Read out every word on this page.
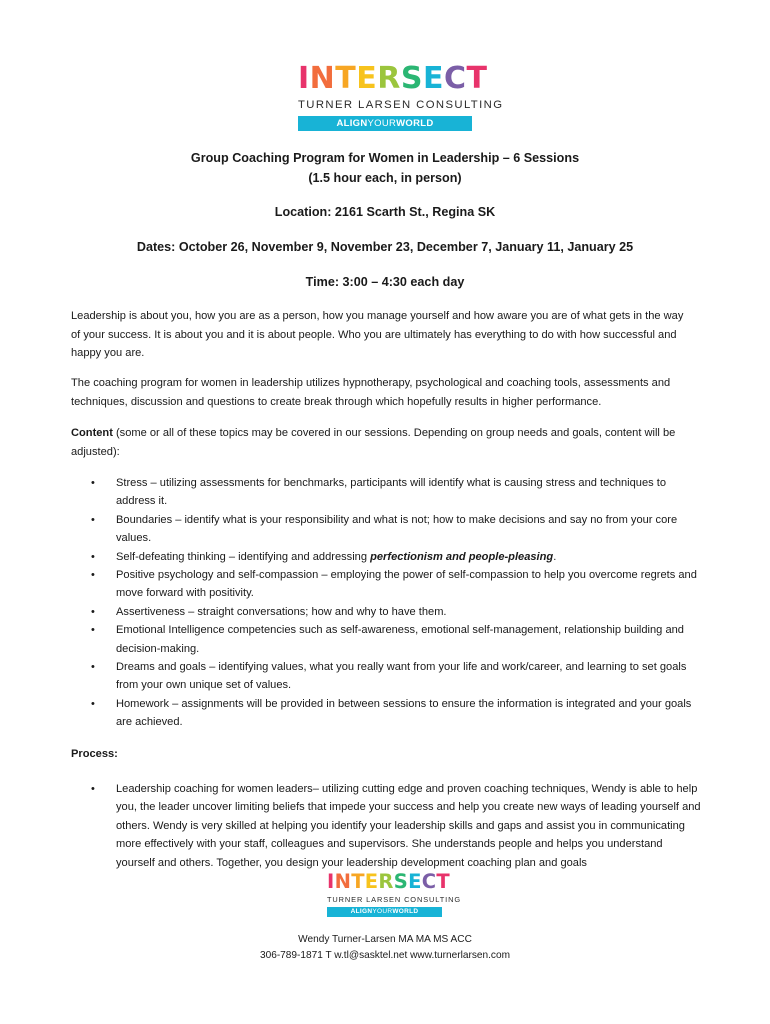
I N T E R S E C T
TURNER LARSEN CONSULTING
ALIGNYOURWORLD
Group Coaching Program for Women in Leadership – 6 Sessions
(1.5 hour each, in person)
Location: 2161 Scarth St., Regina SK
Dates: October 26, November 9, November 23, December 7, January 11, January 25
Time: 3:00 – 4:30 each day
Leadership is about you, how you are as a person, how you manage yourself and how aware you are of what gets in the way of your success. It is about you and it is about people. Who you are ultimately has everything to do with how successful and happy you are.
The coaching program for women in leadership utilizes hypnotherapy, psychological and coaching tools, assessments and techniques, discussion and questions to create break through which hopefully results in higher performance.
Content (some or all of these topics may be covered in our sessions. Depending on group needs and goals, content will be adjusted):
• Stress – utilizing assessments for benchmarks, participants will identify what is causing stress and techniques to address it.
• Boundaries – identify what is your responsibility and what is not; how to make decisions and say no from your core values.
• Self-defeating thinking – identifying and addressing perfectionism and people-pleasing.
• Positive psychology and self-compassion – employing the power of self-compassion to help you overcome regrets and move forward with positivity.
• Assertiveness – straight conversations; how and why to have them.
• Emotional Intelligence competencies such as self-awareness, emotional self-management, relationship building and decision-making.
• Dreams and goals – identifying values, what you really want from your life and work/career, and learning to set goals from your own unique set of values.
• Homework – assignments will be provided in between sessions to ensure the information is integrated and your goals are achieved.
Process:
• Leadership coaching for women leaders– utilizing cutting edge and proven coaching techniques, Wendy is able to help you, the leader uncover limiting beliefs that impede your success and help you create new ways of leading yourself and others. Wendy is very skilled at helping you identify your leadership skills and gaps and assist you in communicating more effectively with your staff, colleagues and supervisors. She understands people and helps you understand yourself and others. Together, you design your leadership development coaching plan and goals
I N T E R S E C T
TURNER LARSEN CONSULTING
ALIGNYOURWORLD
Wendy Turner-Larsen MA MA MS ACC
306-789-1871 T w.tl@sasktel.net www.turnerlarsen.com
